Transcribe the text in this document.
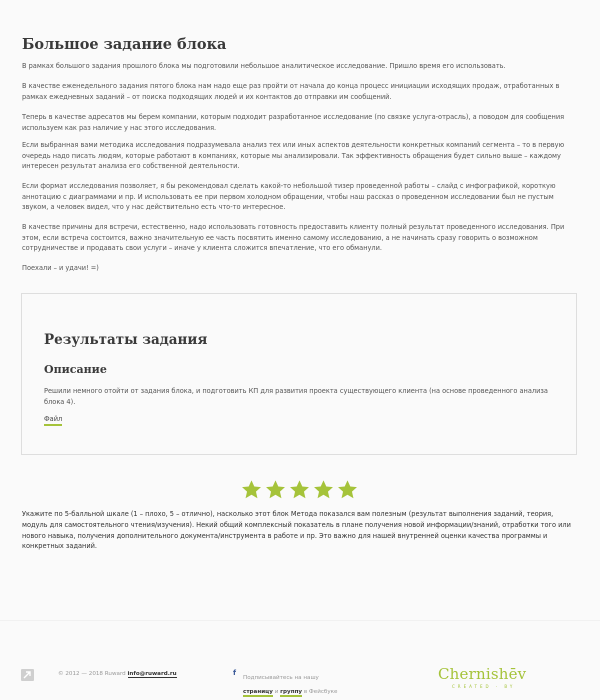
Большое задание блока

В рамках большого задания прошлого блока мы подготовили небольшое аналитическое исследование. Пришло время его использовать.

В качестве еженедельного задания пятого блока нам надо еще раз пройти от начала до конца процесс инициации исходящих продаж, отработанных в рамках ежедневных заданий – от поиска подходящих людей и их контактов до отправки им сообщений.

Теперь в качестве адресатов мы берем компании, которым подходит разработанное исследование (по связке услуга-отрасль), а поводом для сообщения используем как раз наличие у нас этого исследования.

Если выбранная вами методика исследования подразумевала анализ тех или иных аспектов деятельности конкретных компаний сегмента – то в первую очередь надо писать людям, которые работают в компаниях, которые мы анализировали. Так эффективность обращения будет сильно выше – каждому интересен результат анализа его собственной деятельности.

Если формат исследования позволяет, я бы рекомендовал сделать какой-то небольшой тизер проведенной работы – слайд с инфографикой, короткую аннотацию с диаграммами и пр. И использовать ее при первом холодном обращении, чтобы наш рассказ о проведенном исследовании был не пустым звуком, а человек видел, что у нас действительно есть что-то интересное.

В качестве причины для встречи, естественно, надо использовать готовность предоставить клиенту полный результат проведенного исследования. При этом, если встреча состоится, важно значительную ее часть посвятить именно самому исследованию, а не начинать сразу говорить о возможном сотрудничестве и продавать свои услуги – иначе у клиента сложится впечатление, что его обманули.

Поехали – и удачи! =)

Результаты задания
Описание

Решили немного отойти от задания блока, и подготовить КП для развития проекта существующего клиента (на основе проведенного анализа блока 4).

Файл

Укажите по 5-балльной шкале (1 – плохо, 5 – отлично), насколько этот блок Метода показался вам полезным (результат выполнения заданий, теория, модуль для самостоятельного чтения/изучения). Некий общий комплексный показатель в плане получения новой информации/знаний, отработки того или нового навыка, получения дополнительного документа/инструмента в работе и пр. Это важно для нашей внутренней оценки качества программы и конкретных заданий.

© 2012 — 2018 Ruward info@ruward.ru	f
Подписывайтесь на нашу
страницу и группу в Фейсбуке
Chernishēv
CREATED · BY
